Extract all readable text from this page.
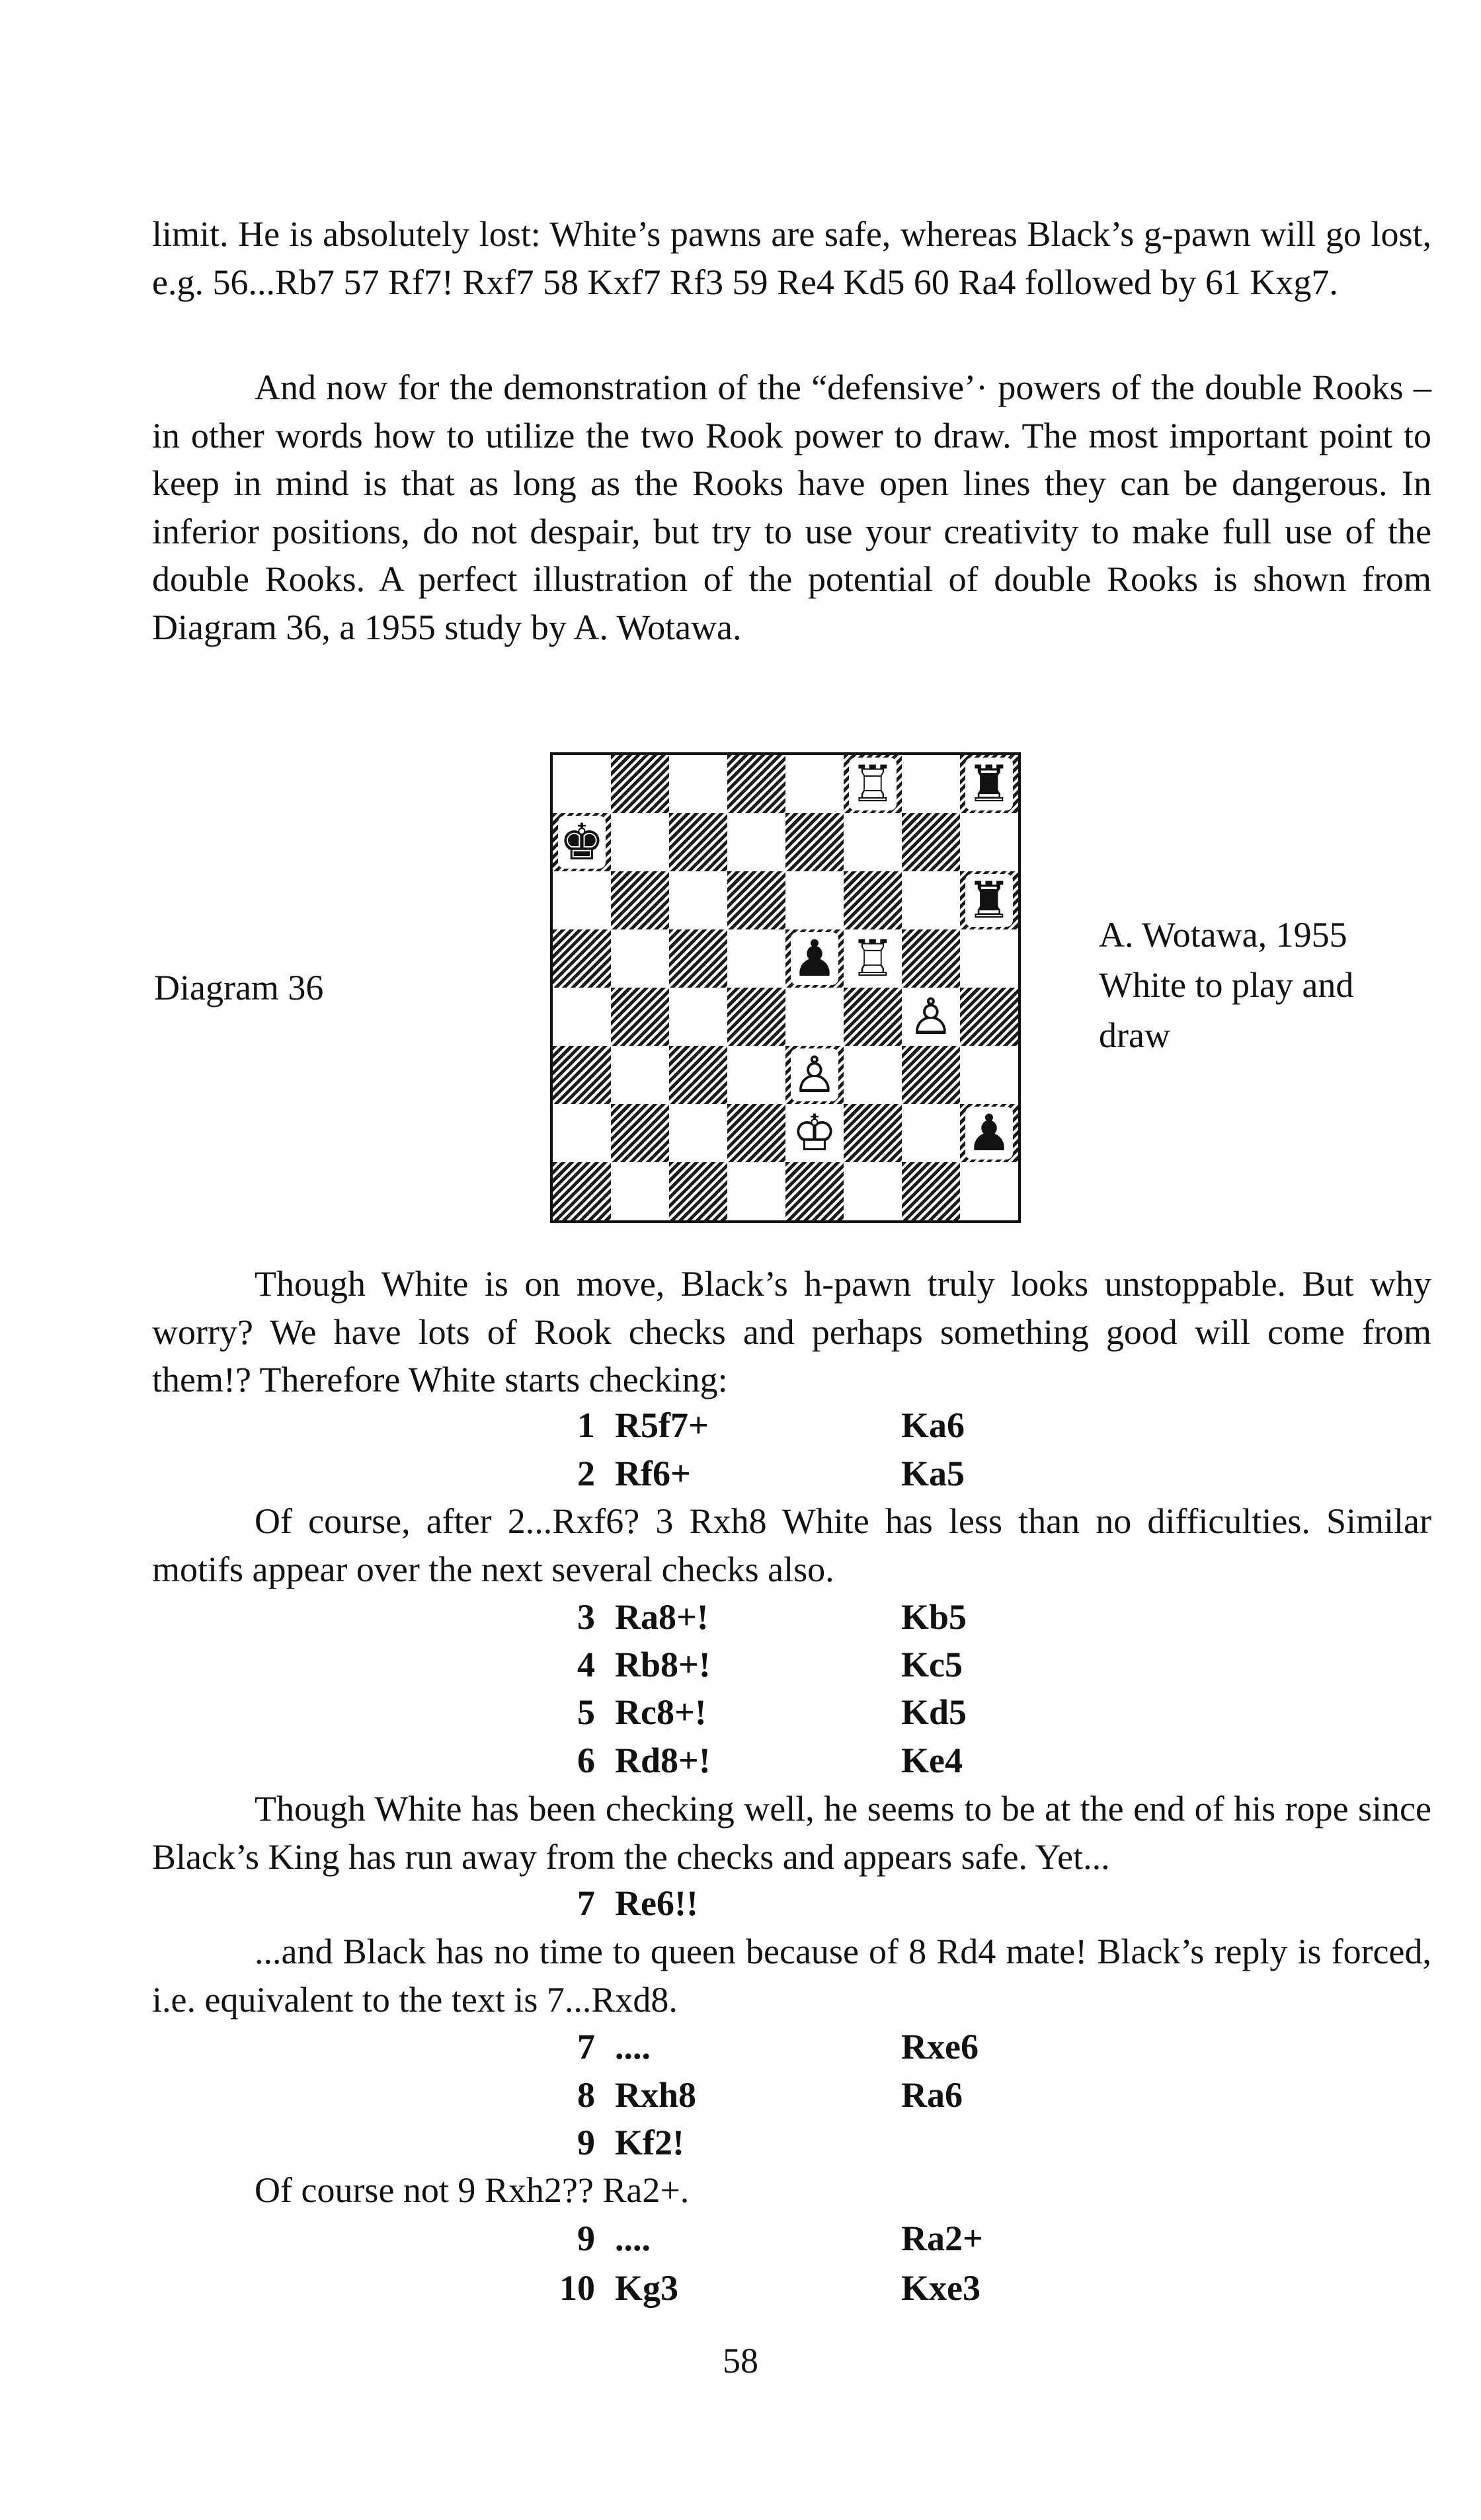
limit. He is absolutely lost: White’s pawns are safe, whereas Black’s g-pawn will go lost, e.g. 56...Rb7 57 Rf7! Rxf7 58 Kxf7 Rf3 59 Re4 Kd5 60 Ra4 followed by 61 Kxg7.

And now for the demonstration of the “defensive’· powers of the double Rooks – in other words how to utilize the two Rook power to draw. The most important point to keep in mind is that as long as the Rooks have open lines they can be dangerous. In inferior positions, do not despair, but try to use your creativity to make full use of the double Rooks. A perfect illustration of the potential of double Rooks is shown from Diagram 36, a 1955 study by A. Wotawa.

Diagram 36
♖ ♜
♚
♜
♟ ♖
♙
♙
♔	♟
A. Wotawa, 1955
White to play and
draw

Though White is on move, Black’s h-pawn truly looks unstoppable. But why worry? We have lots of Rook checks and perhaps something good will come from them!? Therefore White starts checking:

1 R5f7+	Ka6
2 Rf6+	Ka5

Of course, after 2...Rxf6? 3 Rxh8 White has less than no difficulties. Similar motifs appear over the next several checks also.

3 Ra8+!	Kb5
4 Rb8+!	Kc5
5 Rc8+!	Kd5
6 Rd8+!	Ke4

Though White has been checking well, he seems to be at the end of his rope since Black’s King has run away from the checks and appears safe. Yet...

7 Re6!!

...and Black has no time to queen because of 8 Rd4 mate! Black’s reply is forced, i.e. equivalent to the text is 7...Rxd8.

7 ....	Rxe6
8 Rxh8	Ra6
9 Kf2!

Of course not 9 Rxh2?? Ra2+.

9 ....	Ra2+
10 Kg3	Kxe3
58
